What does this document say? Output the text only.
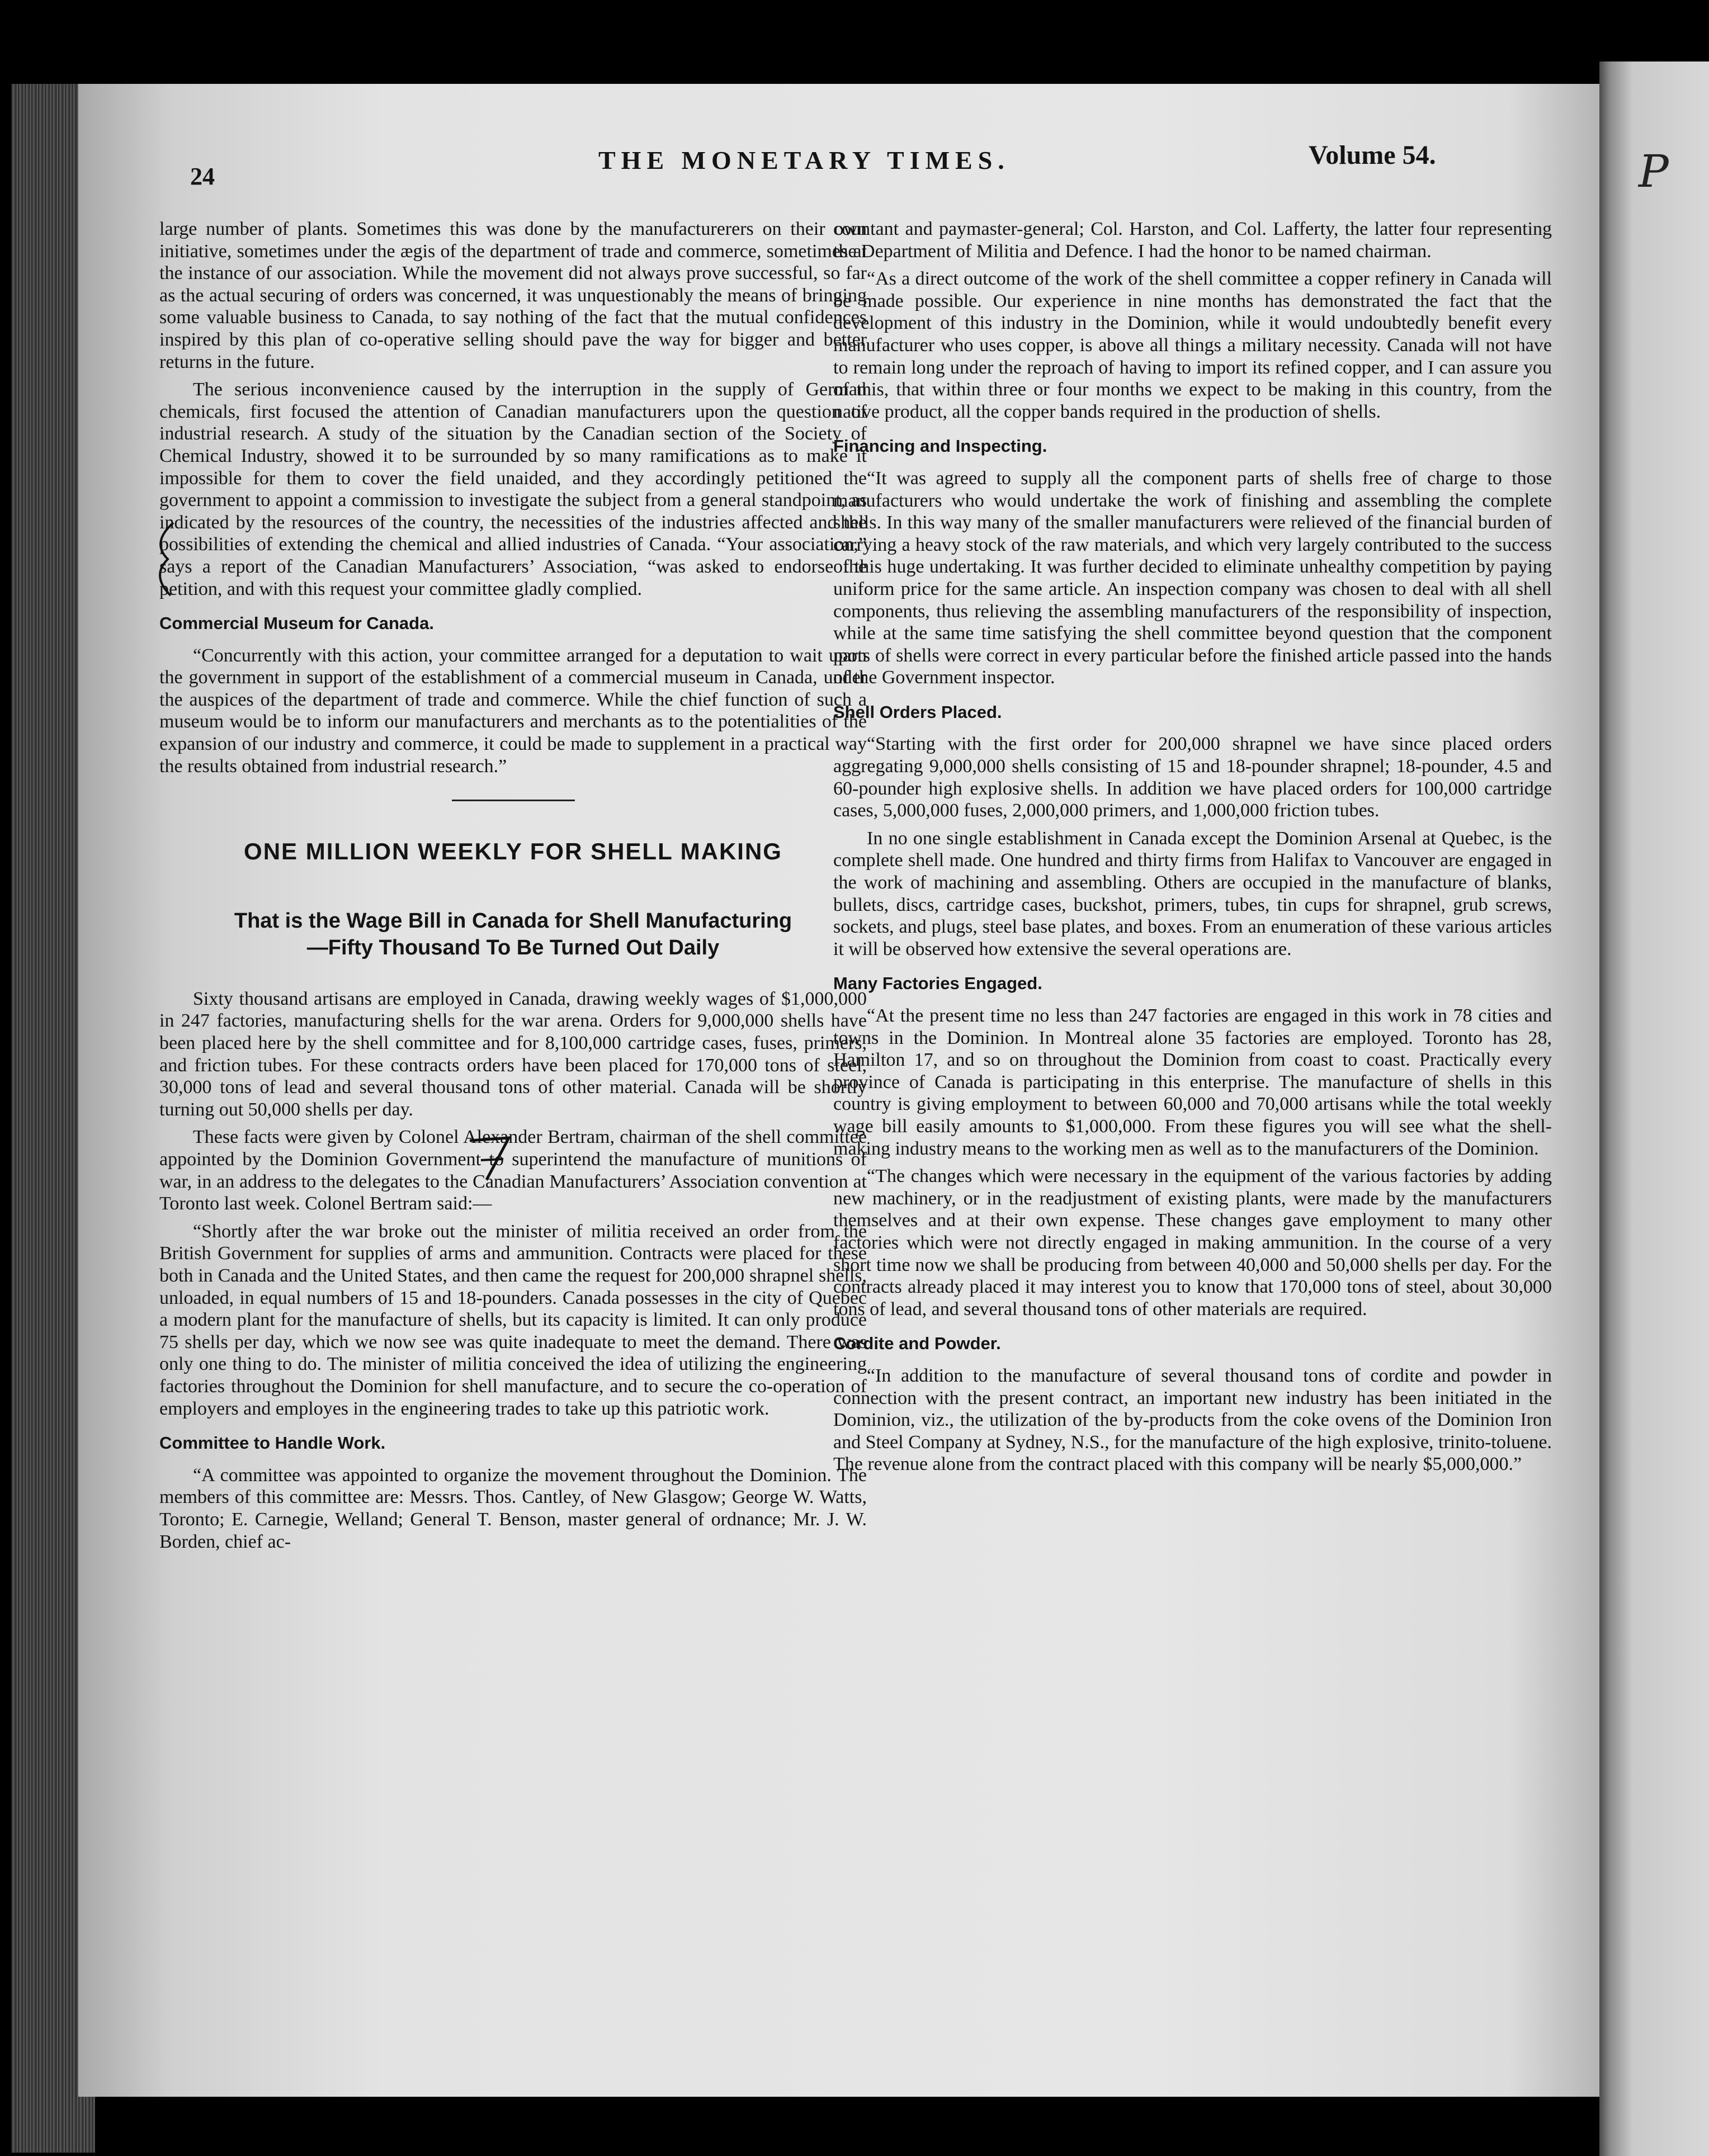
P
24
THE MONETARY TIMES.	Volume 54.

large number of plants. Sometimes this was done by the manufacturerers on their own initiative, sometimes under the ægis of the department of trade and commerce, sometimes at the instance of our association. While the movement did not always prove successful, so far as the actual securing of orders was concerned, it was unquestionably the means of bringing some valuable business to Canada, to say nothing of the fact that the mutual confidences inspired by this plan of co-operative selling should pave the way for bigger and better returns in the future.

The serious inconvenience caused by the interruption in the supply of German chemicals, first focused the attention of Canadian manufacturers upon the question of industrial research. A study of the situation by the Canadian section of the Society of Chemical Industry, showed it to be surrounded by so many ramifications as to make it impossible for them to cover the field unaided, and they accordingly petitioned the government to appoint a commission to investigate the subject from a general standpoint, as indicated by the resources of the country, the necessities of the industries affected and the possibilities of extending the chemical and allied industries of Canada. “Your association,” says a report of the Canadian Manufacturers’ Association, “was asked to endorse the petition, and with this request your committee gladly complied.

Commercial Museum for Canada.

“Concurrently with this action, your committee arranged for a deputation to wait upon the government in support of the establishment of a commercial museum in Canada, under the auspices of the department of trade and commerce. While the chief function of such a museum would be to inform our manufacturers and merchants as to the potentialities of the expansion of our industry and commerce, it could be made to supplement in a practical way the results obtained from industrial research.”

ONE MILLION WEEKLY FOR SHELL MAKING
That is the Wage Bill in Canada for Shell Manufacturing
—Fifty Thousand To Be Turned Out Daily

Sixty thousand artisans are employed in Canada, drawing weekly wages of $1,000,000 in 247 factories, manufacturing shells for the war arena. Orders for 9,000,000 shells have been placed here by the shell committee and for 8,100,000 cartridge cases, fuses, primers, and friction tubes. For these contracts orders have been placed for 170,000 tons of steel, 30,000 tons of lead and several thousand tons of other material. Canada will be shortly turning out 50,000 shells per day.

These facts were given by Colonel Alexander Bertram, chairman of the shell committee appointed by the Dominion Government to superintend the manufacture of munitions of war, in an address to the delegates to the Canadian Manufacturers’ Association convention at Toronto last week. Colonel Bertram said:—

“Shortly after the war broke out the minister of militia received an order from the British Government for supplies of arms and ammunition. Contracts were placed for these both in Canada and the United States, and then came the request for 200,000 shrapnel shells, unloaded, in equal numbers of 15 and 18-pounders. Canada possesses in the city of Quebec a modern plant for the manufacture of shells, but its capacity is limited. It can only produce 75 shells per day, which we now see was quite inadequate to meet the demand. There was only one thing to do. The minister of militia conceived the idea of utilizing the engineering factories throughout the Dominion for shell manufacture, and to secure the co-operation of employers and employes in the engineering trades to take up this patriotic work.

Committee to Handle Work.

“A committee was appointed to organize the movement throughout the Dominion. The members of this committee are: Messrs. Thos. Cantley, of New Glasgow; George W. Watts, Toronto; E. Carnegie, Welland; General T. Benson, master general of ordnance; Mr. J. W. Borden, chief ac-

countant and paymaster-general; Col. Harston, and Col. Lafferty, the latter four representing the Department of Militia and Defence. I had the honor to be named chairman.

“As a direct outcome of the work of the shell committee a copper refinery in Canada will be made possible. Our experience in nine months has demonstrated the fact that the development of this industry in the Dominion, while it would undoubtedly benefit every manufacturer who uses copper, is above all things a military necessity. Canada will not have to remain long under the reproach of having to import its refined copper, and I can assure you of this, that within three or four months we expect to be making in this country, from the native product, all the copper bands required in the production of shells.

Financing and Inspecting.

“It was agreed to supply all the component parts of shells free of charge to those manufacturers who would undertake the work of finishing and assembling the complete shells. In this way many of the smaller manufacturers were relieved of the financial burden of carrying a heavy stock of the raw materials, and which very largely contributed to the success of this huge undertaking. It was further decided to eliminate unhealthy competition by paying uniform price for the same article. An inspection company was chosen to deal with all shell components, thus relieving the assembling manufacturers of the responsibility of inspection, while at the same time satisfying the shell committee beyond question that the component parts of shells were correct in every particular before the finished article passed into the hands of the Government inspector.

Shell Orders Placed.

“Starting with the first order for 200,000 shrapnel we have since placed orders aggregating 9,000,000 shells consisting of 15 and 18-pounder shrapnel; 18-pounder, 4.5 and 60-pounder high explosive shells. In addition we have placed orders for 100,000 cartridge cases, 5,000,000 fuses, 2,000,000 primers, and 1,000,000 friction tubes.

In no one single establishment in Canada except the Dominion Arsenal at Quebec, is the complete shell made. One hundred and thirty firms from Halifax to Vancouver are engaged in the work of machining and assembling. Others are occupied in the manufacture of blanks, bullets, discs, cartridge cases, buckshot, primers, tubes, tin cups for shrapnel, grub screws, sockets, and plugs, steel base plates, and boxes. From an enumeration of these various articles it will be observed how extensive the several operations are.

Many Factories Engaged.

“At the present time no less than 247 factories are engaged in this work in 78 cities and towns in the Dominion. In Montreal alone 35 factories are employed. Toronto has 28, Hamilton 17, and so on throughout the Dominion from coast to coast. Practically every province of Canada is participating in this enterprise. The manufacture of shells in this country is giving employment to between 60,000 and 70,000 artisans while the total weekly wage bill easily amounts to $1,000,000. From these figures you will see what the shell-making industry means to the working men as well as to the manufacturers of the Dominion.

“The changes which were necessary in the equipment of the various factories by adding new machinery, or in the readjustment of existing plants, were made by the manufacturers themselves and at their own expense. These changes gave employment to many other factories which were not directly engaged in making ammunition. In the course of a very short time now we shall be producing from between 40,000 and 50,000 shells per day. For the contracts already placed it may interest you to know that 170,000 tons of steel, about 30,000 tons of lead, and several thousand tons of other materials are required.

Cordite and Powder.

“In addition to the manufacture of several thousand tons of cordite and powder in connection with the present contract, an important new industry has been initiated in the Dominion, viz., the utilization of the by-products from the coke ovens of the Dominion Iron and Steel Company at Sydney, N.S., for the manufacture of the high explosive, trinito-toluene. The revenue alone from the contract placed with this company will be nearly $5,000,000.”
